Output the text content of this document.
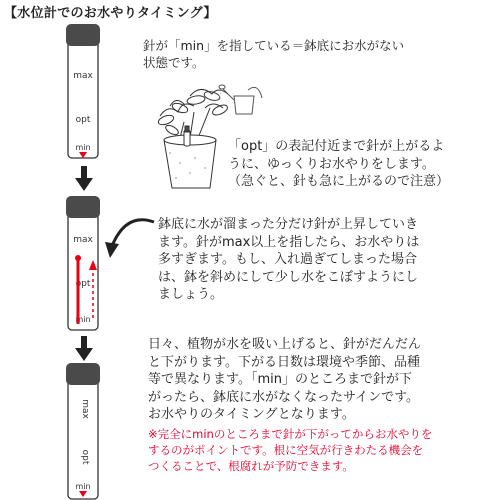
【水位計でのお水やりタイミング】
max
opt
min
針が「min」を指している＝鉢底にお水がない
状態です。
「opt」の表記付近まで針が上がるよ
うに、ゆっくりお水やりをします。
（急ぐと、針も急に上がるので注意）
max
opt
min
鉢底に水が溜まった分だけ針が上昇していき
ます。針がmax以上を指したら、お水やりは
多すぎます。もし、入れ過ぎてしまった場合
は、鉢を斜めにして少し水をこぼすようにし
ましょう。
max
opt
min
日々、植物が水を吸い上げると、針がだんだん
と下がります。下がる日数は環境や季節、品種
等で異なります。「min」のところまで針が下
がったら、鉢底に水がなくなったサインです。
お水やりのタイミングとなります。
※完全にminのところまで針が下がってからお水やりを
するのがポイントです。根に空気が行きわたる機会を
つくることで、根腐れが予防できます。
